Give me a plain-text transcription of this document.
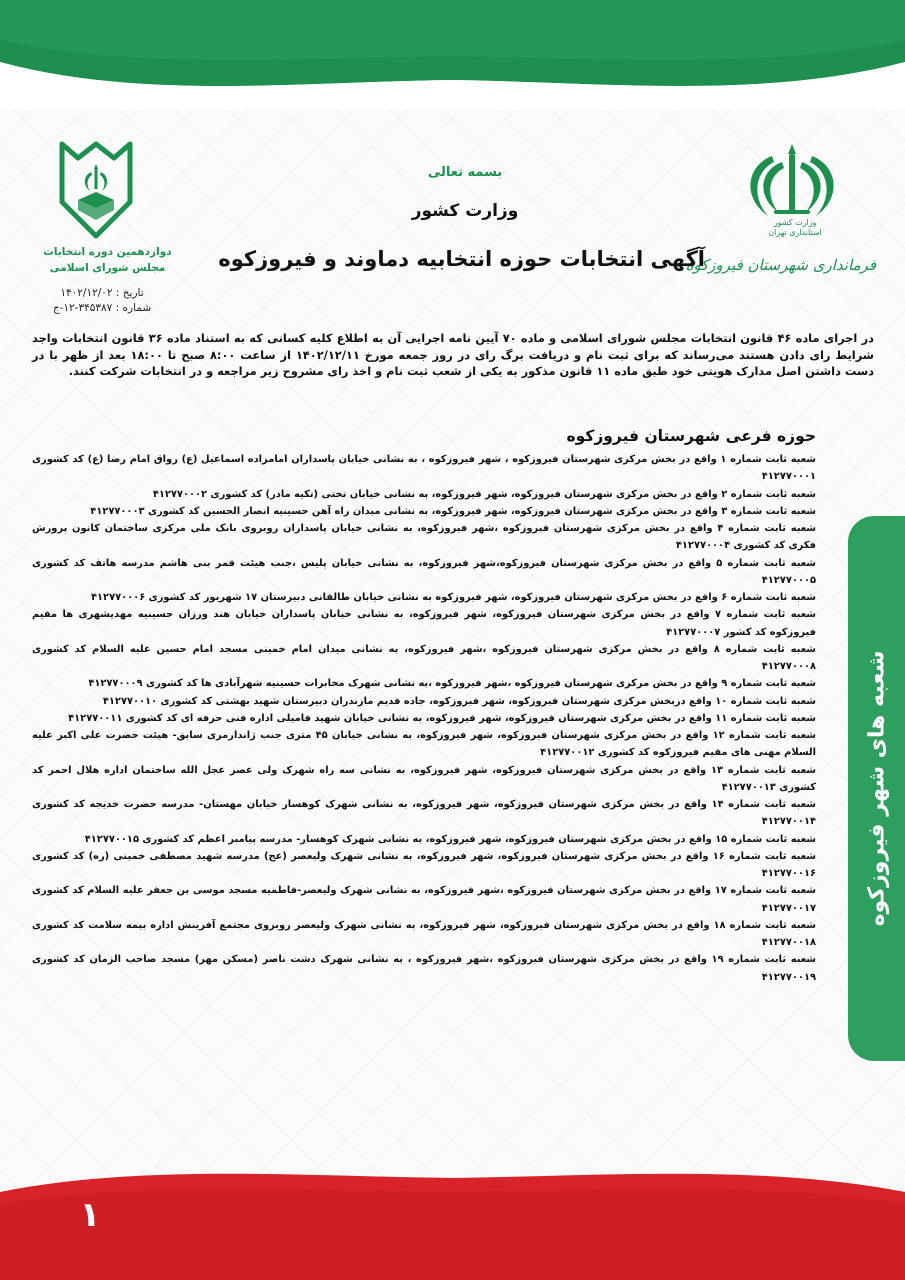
وزارت کشور
استانداری تهران
فرمانداری شهرستان فیروزکوه
دوازدهمین دوره انتخابات
مجلس شورای اسلامی
تاریخ : ۱۴۰۲/۱۲/۰۲
شماره : ۳۴۵۳۸۷-۱۲-ج
بسمه تعالی
وزارت کشور
آگهی انتخابات حوزه انتخابیه دماوند و فیروزکوه
در اجرای ماده ۴۶ قانون انتخابات مجلس شورای اسلامی و ماده ۷۰ آیین نامه اجرایی آن به اطلاع کلیه کسانی که به استناد ماده ۳۶ قانون انتخابات واجد شرایط رای دادن هستند می‌رساند که برای ثبت نام و دریافت برگ رای در روز جمعه مورخ ۱۴۰۲/۱۲/۱۱ از ساعت ۸:۰۰ صبح تا ۱۸:۰۰ بعد از ظهر با در دست داشتن اصل مدارک هویتی خود طبق ماده ۱۱ قانون مذکور به یکی از شعب ثبت نام و اخذ رای مشروح زیر مراجعه و در انتخابات شرکت کنند.
حوزه فرعی شهرستان فیروزکوه
شعبه ثابت شماره ۱ واقع در بخش مرکزی شهرستان فیروزکوه ، شهر فیروزکوه ، به نشانی خیابان پاسداران امامزاده اسماعیل (ع) رواق امام رضا (ع) کد کشوری ۴۱۲۷۷۰۰۰۱
شعبه ثابت شماره ۲ واقع در بخش مرکزی شهرستان فیروزکوه، شهر فیروزکوه، به نشانی خیابان تختی (تکیه مادر) کد کشوری ۴۱۲۷۷۰۰۰۲
شعبه ثابت شماره ۳ واقع در بخش مرکزی شهرستان فیروزکوه، شهر فیروزکوه، به نشانی میدان راه آهن حسینیه انصار الحسین کد کشوری ۴۱۲۷۷۰۰۰۳
شعبه ثابت شماره ۴ واقع در بخش مرکزی شهرستان فیروزکوه ،شهر فیروزکوه، به نشانی خیابان پاسداران روبروی بانک ملی مرکزی ساختمان کانون پرورش فکری کد کشوری ۴۱۲۷۷۰۰۰۴
شعبه ثابت شماره ۵ واقع در بخش مرکزی شهرستان فیروزکوه،شهر فیروزکوه، به نشانی خیابان پلیس ،جنب هیئت قمر بنی هاشم مدرسه هاتف کد کشوری ۴۱۲۷۷۰۰۰۵
شعبه ثابت شماره ۶ واقع در بخش مرکزی شهرستان فیروزکوه، شهر فیروزکوه به نشانی خیابان طالقانی دبیرستان ۱۷ شهریور کد کشوری ۴۱۲۷۷۰۰۰۶
شعبه ثابت شماره ۷ واقع در بخش مرکزی شهرستان فیروزکوه، شهر فیروزکوه، به نشانی خیابان پاسداران خیابان هند ورزان حسینیه مهدیشهری ها مقیم فیروزکوه کد کشور ۴۱۲۷۷۰۰۰۷
شعبه ثابت شماره ۸ واقع در بخش مرکزی شهرستان فیروزکوه ،شهر فیروزکوه، به نشانی میدان امام خمینی مسجد امام حسین علیه السلام کد کشوری ۴۱۲۷۷۰۰۰۸
شعبه ثابت شماره ۹ واقع در بخش مرکزی شهرستان فیروزکوه ،شهر فیروزکوه ،به نشانی شهرک مخابرات حسینیه شهرآبادی ها کد کشوری ۴۱۲۷۷۰۰۰۹
شعبه ثابت شماره ۱۰ واقع دربخش مرکزی شهرستان فیروزکوه، شهر فیروزکوه، جاده قدیم مازندران دبیرستان شهید بهشتی کد کشوری ۴۱۲۷۷۰۰۱۰
شعبه ثابت شماره ۱۱ واقع در بخش مرکزی شهرستان فیروزکوه، شهر فیروزکوه، به نشانی خیابان شهید فامیلی اداره فنی حرفه ای کد کشوری ۴۱۲۷۷۰۰۱۱
شعبه ثابت شماره ۱۲ واقع در بخش مرکزی شهرستان فیروزکوه، شهر فیروزکوه، به نشانی خیابان ۴۵ متری جنب ژاندارمری سابق- هیئت حضرت علی اکبر علیه السلام مهنی های مقیم فیروزکوه کد کشوری ۴۱۲۷۷۰۰۱۲
شعبه ثابت شماره ۱۳ واقع در بخش مرکزی شهرستان فیروزکوه، شهر فیروزکوه، به نشانی سه راه شهرک ولی عصر عجل الله ساختمان اداره هلال احمر کد کشوری ۴۱۲۷۷۰۰۱۳
شعبه ثابت شماره ۱۴ واقع در بخش مرکزی شهرستان فیروزکوه، شهر فیروزکوه، به نشانی شهرک کوهسار خیابان مهستان- مدرسه حضرت خدیجه کد کشوری ۴۱۲۷۷۰۰۱۴
شعبه ثابت شماره ۱۵ واقع در بخش مرکزی شهرستان فیروزکوه، شهر فیروزکوه، به نشانی شهرک کوهسار- مدرسه پیامبر اعظم کد کشوری ۴۱۲۷۷۰۰۱۵
شعبه ثابت شماره ۱۶ واقع در بخش مرکزی شهرستان فیروزکوه، شهر فیروزکوه، به نشانی شهرک ولیعصر (عج) مدرسه شهید مصطفی خمینی (ره) کد کشوری ۴۱۲۷۷۰۰۱۶
شعبه ثابت شماره ۱۷ واقع در بخش مرکزی شهرستان فیروزکوه ،شهر فیروزکوه، به نشانی شهرک ولیعصر-فاطمیه مسجد موسی بن جعفر علیه السلام کد کشوری ۴۱۲۷۷۰۰۱۷
شعبه ثابت شماره ۱۸ واقع در بخش مرکزی شهرستان فیروزکوه، شهر فیروزکوه، به نشانی شهرک ولیعصر روبروی مجتمع آفرینش اداره بیمه سلامت کد کشوری ۴۱۲۷۷۰۰۱۸
شعبه ثابت شماره ۱۹ واقع در بخش مرکزی شهرستان فیروزکوه ،شهر فیروزکوه ، به نشانی شهرک دشت ناصر (مسکن مهر) مسجد صاحب الزمان کد کشوری ۴۱۲۷۷۰۰۱۹
شعبه های شهر فیروزکوه
۱
